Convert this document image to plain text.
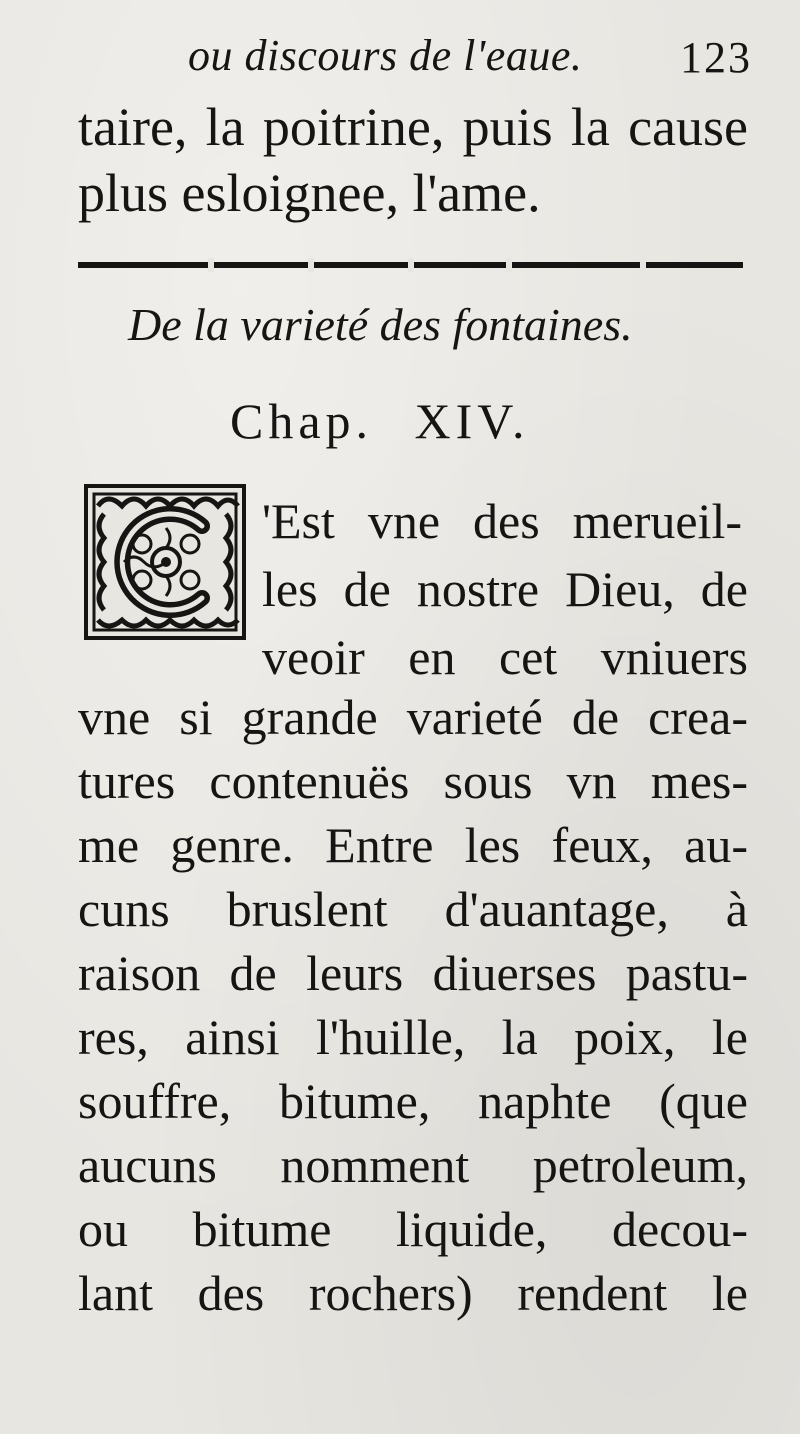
ou discours de l'eaue. 123
taire, la poitrine, puis la cause
plus esloignee, l'ame.
De la varieté des fontaines.
Chap. XIV.
'Est vne des merueil-
les de nostre Dieu, de
veoir en cet vniuers
vne si grande varieté de crea-
tures contenuës sous vn mes-
me genre. Entre les feux, au-
cuns bruslent d'auantage, à
raison de leurs diuerses pastu-
res, ainsi l'huille, la poix, le
souffre, bitume, naphte (que
aucuns nomment petroleum,
ou bitume liquide, decou-
lant des rochers) rendent le
